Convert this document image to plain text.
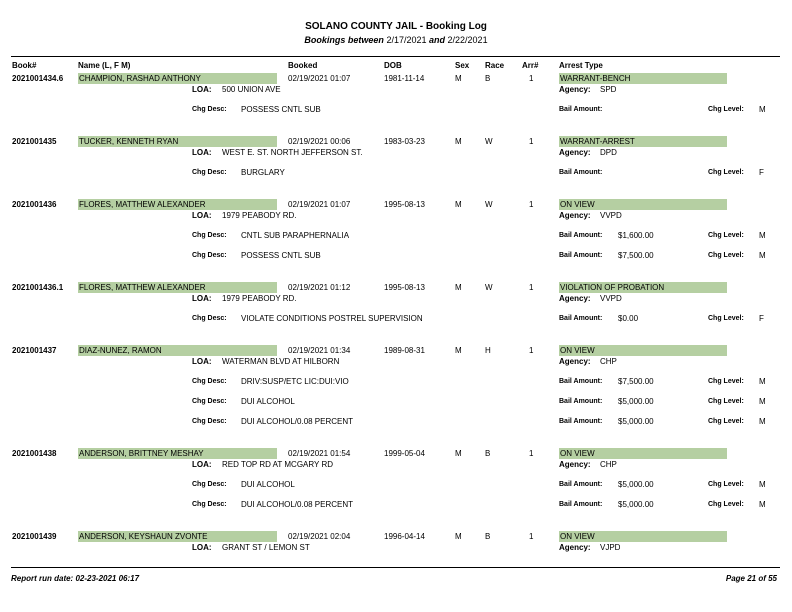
SOLANO COUNTY JAIL - Booking Log
Bookings between 2/17/2021 and 2/22/2021
Book#	Name (L, F M)	Booked	DOB	Sex Race Arr#	Arrest Type
2021001434.6 CHAMPION, RASHAD ANTHONY	02/19/2021 01:07	1981-11-14	M	B	1	WARRANT-BENCH
LOA: 500 UNION AVE	Agency: SPD
Chg Desc: POSSESS CNTL SUB	Bail Amount:	Chg Level: M
2021001435	TUCKER, KENNETH RYAN	02/19/2021 00:06	1983-03-23	M	W	1	WARRANT-ARREST
LOA: WEST E. ST. NORTH JEFFERSON ST.	Agency: DPD
Chg Desc: BURGLARY	Bail Amount:	Chg Level: F
2021001436	FLORES, MATTHEW ALEXANDER	02/19/2021 01:07	1995-08-13	M	W	1	ON VIEW
LOA: 1979 PEABODY RD.	Agency: VVPD
Chg Desc: CNTL SUB PARAPHERNALIA	Bail Amount: $1,600.00	Chg Level: M
Chg Desc: POSSESS CNTL SUB	Bail Amount: $7,500.00	Chg Level: M
2021001436.1 FLORES, MATTHEW ALEXANDER	02/19/2021 01:12	1995-08-13	M	W	1	VIOLATION OF PROBATION
LOA: 1979 PEABODY RD.	Agency: VVPD
Chg Desc: VIOLATE CONDITIONS POSTREL SUPERVISION	Bail Amount: $0.00	Chg Level: F
2021001437	DIAZ-NUNEZ, RAMON	02/19/2021 01:34	1989-08-31	M	H	1	ON VIEW
LOA: WATERMAN BLVD AT HILBORN	Agency: CHP
Chg Desc: DRIV:SUSP/ETC LIC:DUI:VIO	Bail Amount: $7,500.00	Chg Level: M
Chg Desc: DUI ALCOHOL	Bail Amount: $5,000.00	Chg Level: M
Chg Desc: DUI ALCOHOL/0.08 PERCENT	Bail Amount: $5,000.00	Chg Level: M
2021001438	ANDERSON, BRITTNEY MESHAY	02/19/2021 01:54	1999-05-04	M	B	1	ON VIEW
LOA: RED TOP RD AT MCGARY RD	Agency: CHP
Chg Desc: DUI ALCOHOL	Bail Amount: $5,000.00	Chg Level: M
Chg Desc: DUI ALCOHOL/0.08 PERCENT	Bail Amount: $5,000.00	Chg Level: M
2021001439	ANDERSON, KEYSHAUN ZVONTE	02/19/2021 02:04	1996-04-14	M	B	1	ON VIEW
LOA: GRANT ST / LEMON ST	Agency: VJPD
Report run date: 02-23-2021 06:17	Page 21 of 55
